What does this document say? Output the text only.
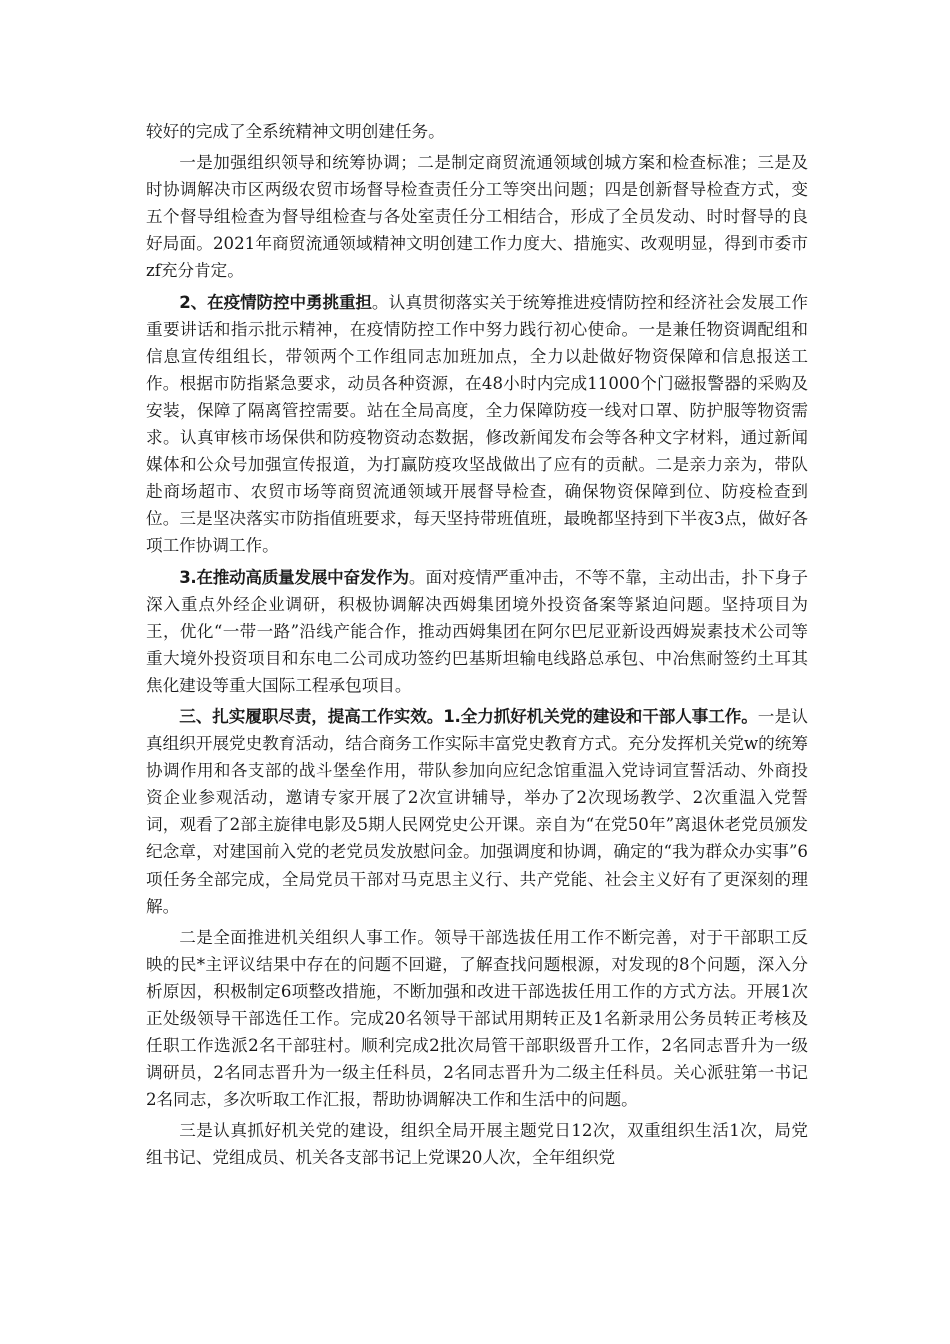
较好的完成了全系统精神文明创建任务。

一是加强组织领导和统筹协调；二是制定商贸流通领域创城方案和检查标准；三是及时协调解决市区两级农贸市场督导检查责任分工等突出问题；四是创新督导检查方式，变五个督导组检查为督导组检查与各处室责任分工相结合，形成了全员发动、时时督导的良好局面。2021年商贸流通领域精神文明创建工作力度大、措施实、改观明显，得到市委市zf充分肯定。

2、在疫情防控中勇挑重担。认真贯彻落实关于统筹推进疫情防控和经济社会发展工作重要讲话和指示批示精神，在疫情防控工作中努力践行初心使命。一是兼任物资调配组和信息宣传组组长，带领两个工作组同志加班加点，全力以赴做好物资保障和信息报送工作。根据市防指紧急要求，动员各种资源，在48小时内完成11000个门磁报警器的采购及安装，保障了隔离管控需要。站在全局高度，全力保障防疫一线对口罩、防护服等物资需求。认真审核市场保供和防疫物资动态数据，修改新闻发布会等各种文字材料，通过新闻媒体和公众号加强宣传报道，为打赢防疫攻坚战做出了应有的贡献。二是亲力亲为，带队赴商场超市、农贸市场等商贸流通领域开展督导检查，确保物资保障到位、防疫检查到位。三是坚决落实市防指值班要求，每天坚持带班值班，最晚都坚持到下半夜3点，做好各项工作协调工作。

3.在推动高质量发展中奋发作为。面对疫情严重冲击，不等不靠，主动出击，扑下身子深入重点外经企业调研，积极协调解决西姆集团境外投资备案等紧迫问题。坚持项目为王，优化“一带一路”沿线产能合作，推动西姆集团在阿尔巴尼亚新设西姆炭素技术公司等重大境外投资项目和东电二公司成功签约巴基斯坦输电线路总承包、中冶焦耐签约土耳其焦化建设等重大国际工程承包项目。

三、扎实履职尽责，提高工作实效。1.全力抓好机关党的建设和干部人事工作。一是认真组织开展党史教育活动，结合商务工作实际丰富党史教育方式。充分发挥机关党w的统筹协调作用和各支部的战斗堡垒作用，带队参加向应纪念馆重温入党诗词宣誓活动、外商投资企业参观活动，邀请专家开展了2次宣讲辅导，举办了2次现场教学、2次重温入党誓词，观看了2部主旋律电影及5期人民网党史公开课。亲自为“在党50年”离退休老党员颁发纪念章，对建国前入党的老党员发放慰问金。加强调度和协调，确定的“我为群众办实事”6项任务全部完成，全局党员干部对马克思主义行、共产党能、社会主义好有了更深刻的理解。

二是全面推进机关组织人事工作。领导干部选拔任用工作不断完善，对于干部职工反映的民*主评议结果中存在的问题不回避，了解查找问题根源，对发现的8个问题，深入分析原因，积极制定6项整改措施，不断加强和改进干部选拔任用工作的方式方法。开展1次正处级领导干部选任工作。完成20名领导干部试用期转正及1名新录用公务员转正考核及任职工作选派2名干部驻村。顺利完成2批次局管干部职级晋升工作，2名同志晋升为一级调研员，2名同志晋升为一级主任科员，2名同志晋升为二级主任科员。关心派驻第一书记2名同志，多次听取工作汇报，帮助协调解决工作和生活中的问题。

三是认真抓好机关党的建设，组织全局开展主题党日12次，双重组织生活1次，局党组书记、党组成员、机关各支部书记上党课20人次，全年组织党
